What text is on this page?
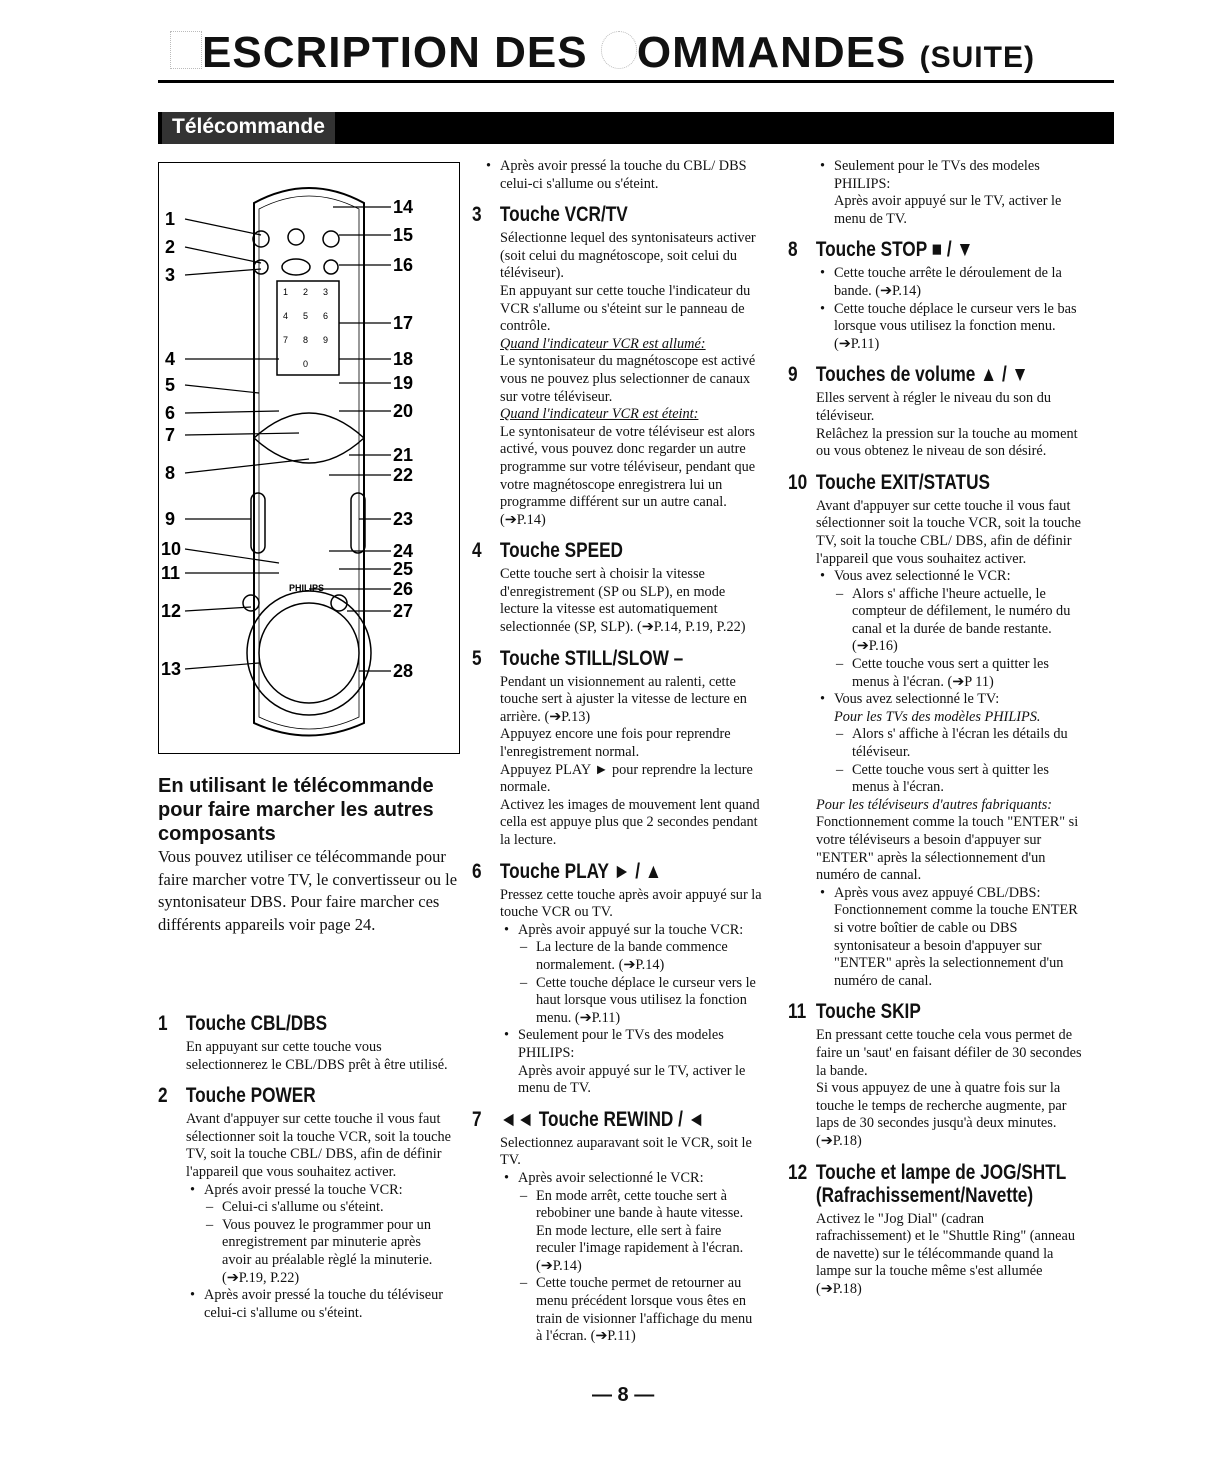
ESCRIPTION DES OMMANDES (SUITE)
Télécommande
1 2 3
4 5 6
7 8 9
0
PHILIPS
1
2
3
4
5
6
7
8
9
10
11
12
13
14
15
16
17
18
19
20
21
22
23
24
25
26
27
28
En utilisant le télécommande pour faire marcher les autres composants

Vous pouvez utiliser ce télécommande pour faire marcher votre TV, le convertisseur ou le syntonisateur DBS. Pour faire marcher ces différents appareils voir page 24.

1 Touche CBL/DBS

En appuyant sur cette touche vous selectionnerez le CBL/DBS prêt à être utilisé.

2 Touche POWER

Avant d'appuyer sur cette touche il vous faut sélectionner soit la touche VCR, soit la touche TV, soit la touche CBL/ DBS, afin de définir l'appareil que vous souhaitez activer.

• Aprés avoir pressé la touche VCR:
– Celui-ci s'allume ou s'éteint.
– Vous pouvez le programmer pour un enregistrement par minuterie après avoir au préalable règlé la minuterie. (➔P.19, P.22)
• Après avoir pressé la touche du téléviseur celui-ci s'allume ou s'éteint.
• Après avoir pressé la touche du CBL/ DBS celui-ci s'allume ou s'éteint.
3 Touche VCR/TV

Sélectionne lequel des syntonisateurs activer (soit celui du magnétoscope, soit celui du téléviseur).

En appuyant sur cette touche l'indicateur du VCR s'allume ou s'éteint sur le panneau de contrôle.

Quand l'indicateur VCR est allumé:

Le syntonisateur du magnétoscope est activé vous ne pouvez plus selectionner de canaux sur votre téléviseur.

Quand l'indicateur VCR est éteint:

Le syntonisateur de votre téléviseur est alors activé, vous pouvez donc regarder un autre programme sur votre téléviseur, pendant que votre magnétoscope enregistrera lui un programme différent sur un autre canal. (➔P.14)

4 Touche SPEED

Cette touche sert à choisir la vitesse d'enregistrement (SP ou SLP), en mode lecture la vitesse est automatiquement selectionnée (SP, SLP). (➔P.14, P.19, P.22)

5 Touche STILL/SLOW –

Pendant un visionnement au ralenti, cette touche sert à ajuster la vitesse de lecture en arrière. (➔P.13)

Appuyez encore une fois pour reprendre l'enregistrement normal.

Appuyez PLAY ► pour reprendre la lecture normale.

Activez les images de mouvement lent quand cella est appuye plus que 2 secondes pendant la lecture.

6 Touche PLAY ► / ▲

Pressez cette touche après avoir appuyé sur la touche VCR ou TV.

• Après avoir appuyé sur la touche VCR:
– La lecture de la bande commence normalement. (➔P.14)
– Cette touche déplace le curseur vers le haut lorsque vous utilisez la fonction menu. (➔P.11)
• Seulement pour le TVs des modeles PHILIPS:
Après avoir appuyé sur le TV, activer le menu de TV.
7 ◄◄ Touche REWIND / ◄

Selectionnez auparavant soit le VCR, soit le TV.

• Après avoir selectionné le VCR:
– En mode arrêt, cette touche sert à rebobiner une bande à haute vitesse. En mode lecture, elle sert à faire reculer l'image rapidement à l'écran. (➔P.14)
– Cette touche permet de retourner au menu précédent lorsque vous êtes en train de visionner l'affichage du menu à l'écran. (➔P.11)
• Seulement pour le TVs des modeles PHILIPS:
Après avoir appuyé sur le TV, activer le menu de TV.
8 Touche STOP ■ / ▼
• Cette touche arrête le déroulement de la bande. (➔P.14)
• Cette touche déplace le curseur vers le bas lorsque vous utilisez la fonction menu. (➔P.11)
9 Touches de volume ▲ / ▼

Elles servent à régler le niveau du son du téléviseur.

Relâchez la pression sur la touche au moment ou vous obtenez le niveau de son désiré.

10 Touche EXIT/STATUS

Avant d'appuyer sur cette touche il vous faut sélectionner soit la touche VCR, soit la touche TV, soit la touche CBL/ DBS, afin de définir l'appareil que vous souhaitez activer.

• Vous avez selectionné le VCR:
– Alors s' affiche l'heure actuelle, le compteur de défilement, le numéro du canal et la durée de bande restante. (➔P.16)
– Cette touche vous sert a quitter les menus à l'écran. (➔P 11)
• Vous avez selectionné le TV:
Pour les TVs des modèles PHILIPS.
– Alors s' affiche à l'écran les détails du téléviseur.
– Cette touche vous sert à quitter les menus à l'écran.

Pour les téléviseurs d'autres fabriquants:

Fonctionnement comme la touch "ENTER" si votre téléviseurs a besoin d'appuyer sur "ENTER" après la sélectionnement d'un numéro de cannal.

• Après vous avez appuyé CBL/DBS: Fonctionnement comme la touche ENTER si votre boîtier de cable ou DBS syntonisateur a besoin d'appuyer sur "ENTER" après la selectionnement d'un numéro de canal.
11 Touche SKIP

En pressant cette touche cela vous permet de faire un 'saut' en faisant défiler de 30 secondes la bande.

Si vous appuyez de une à quatre fois sur la touche le temps de recherche augmente, par laps de 30 secondes jusqu'à deux minutes. (➔P.18)

12 Touche et lampe de JOG/SHTL
(Rafrachissement/Navette)

Activez le "Jog Dial" (cadran rafrachissement) et le "Shuttle Ring" (anneau de navette) sur le télécommande quand la lampe sur la touche même s'est allumée (➔P.18)

— 8 —
